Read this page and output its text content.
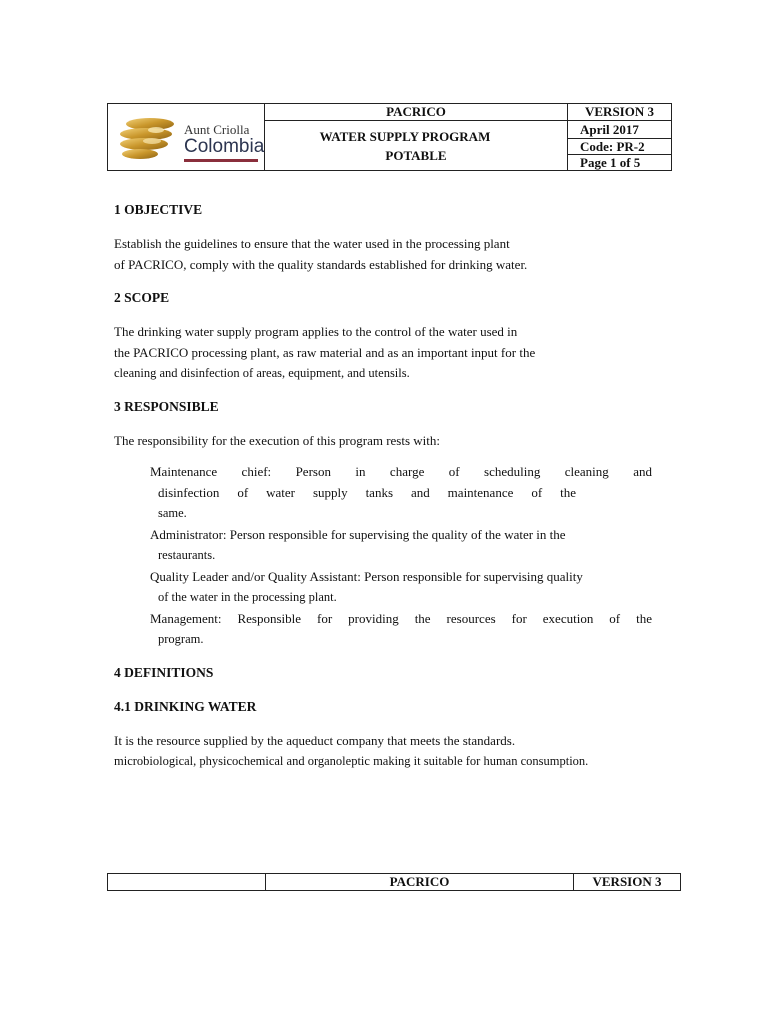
Aunt Criolla
Colombia	PACRICO	VERSION 3

	WATER SUPPLY PROGRAM
POTABLE	April 2017

		Code: PR-2

		Page 1 of 5
1 OBJECTIVE

Establish the guidelines to ensure that the water used in the processing plant

of PACRICO, comply with the quality standards established for drinking water.

2 SCOPE

The drinking water supply program applies to the control of the water used in

the PACRICO processing plant, as raw material and as an important input for the

cleaning and disinfection of areas, equipment, and utensils.

3 RESPONSIBLE

The responsibility for the execution of this program rests with:

Maintenance chief: Person in charge of scheduling cleaning and
disinfection of water supply tanks and maintenance of the
same.
Administrator: Person responsible for supervising the quality of the water in the
restaurants.
Quality Leader and/or Quality Assistant: Person responsible for supervising quality
of the water in the processing plant.
Management: Responsible for providing the resources for execution of the
program.
4 DEFINITIONS
4.1 DRINKING WATER

It is the resource supplied by the aqueduct company that meets the standards.

microbiological, physicochemical and organoleptic making it suitable for human consumption.

	PACRICO	VERSION 3
